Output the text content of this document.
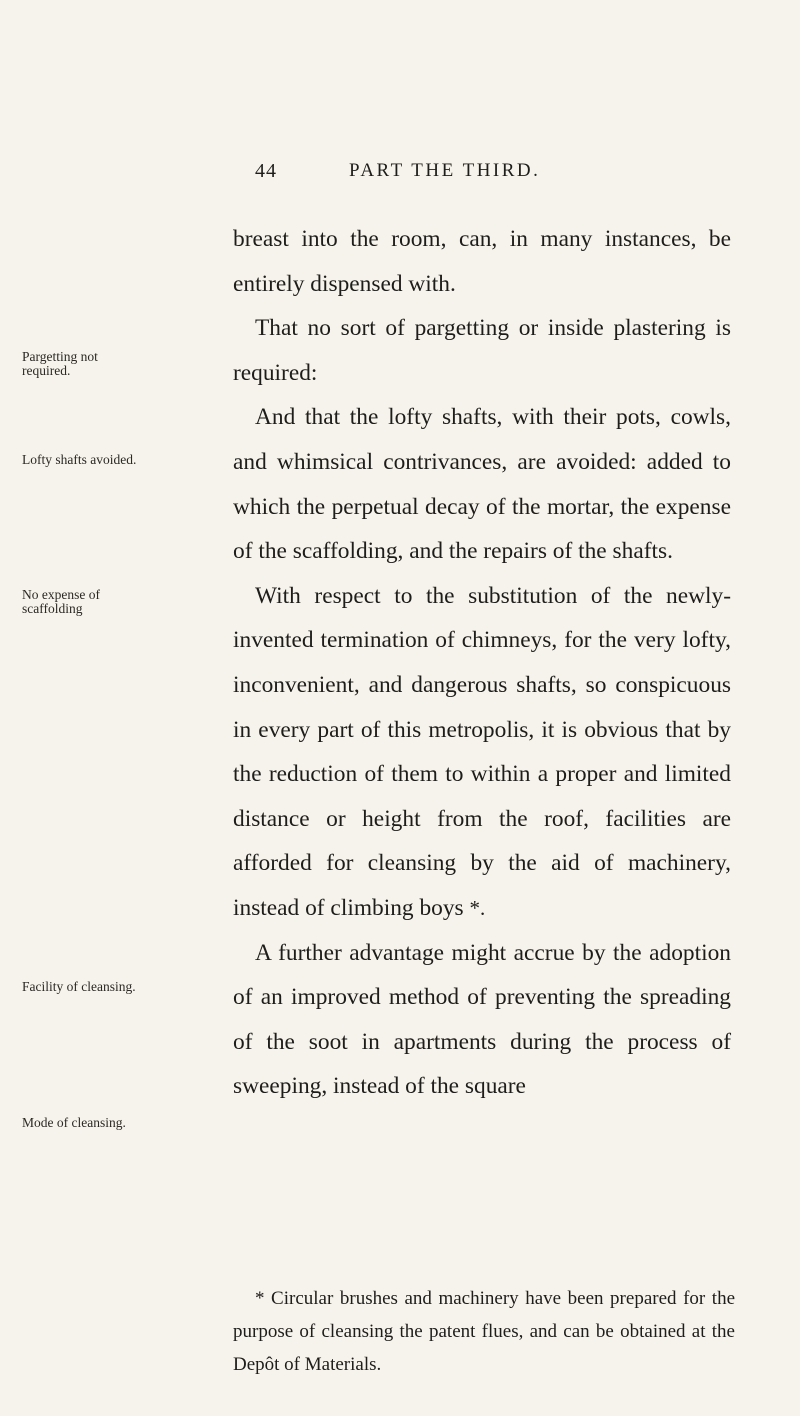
44	PART THE THIRD.
Pargetting not required.
Lofty shafts avoided.
No expense of scaffolding
Facility of cleansing.
Mode of cleansing.

breast into the room, can, in many instances, be entirely dispensed with.

That no sort of pargetting or inside plastering is required:

And that the lofty shafts, with their pots, cowls, and whimsical contrivances, are avoided: added to which the perpetual decay of the mortar, the expense of the scaffolding, and the repairs of the shafts.

With respect to the substitution of the newly-invented termination of chimneys, for the very lofty, inconvenient, and dangerous shafts, so conspicuous in every part of this metropolis, it is obvious that by the reduction of them to within a proper and limited distance or height from the roof, facilities are afforded for cleansing by the aid of machinery, instead of climbing boys *.

A further advantage might accrue by the adoption of an improved method of preventing the spreading of the soot in apartments during the process of sweeping, instead of the square

* Circular brushes and machinery have been prepared for the purpose of cleansing the patent flues, and can be obtained at the Depôt of Materials.
